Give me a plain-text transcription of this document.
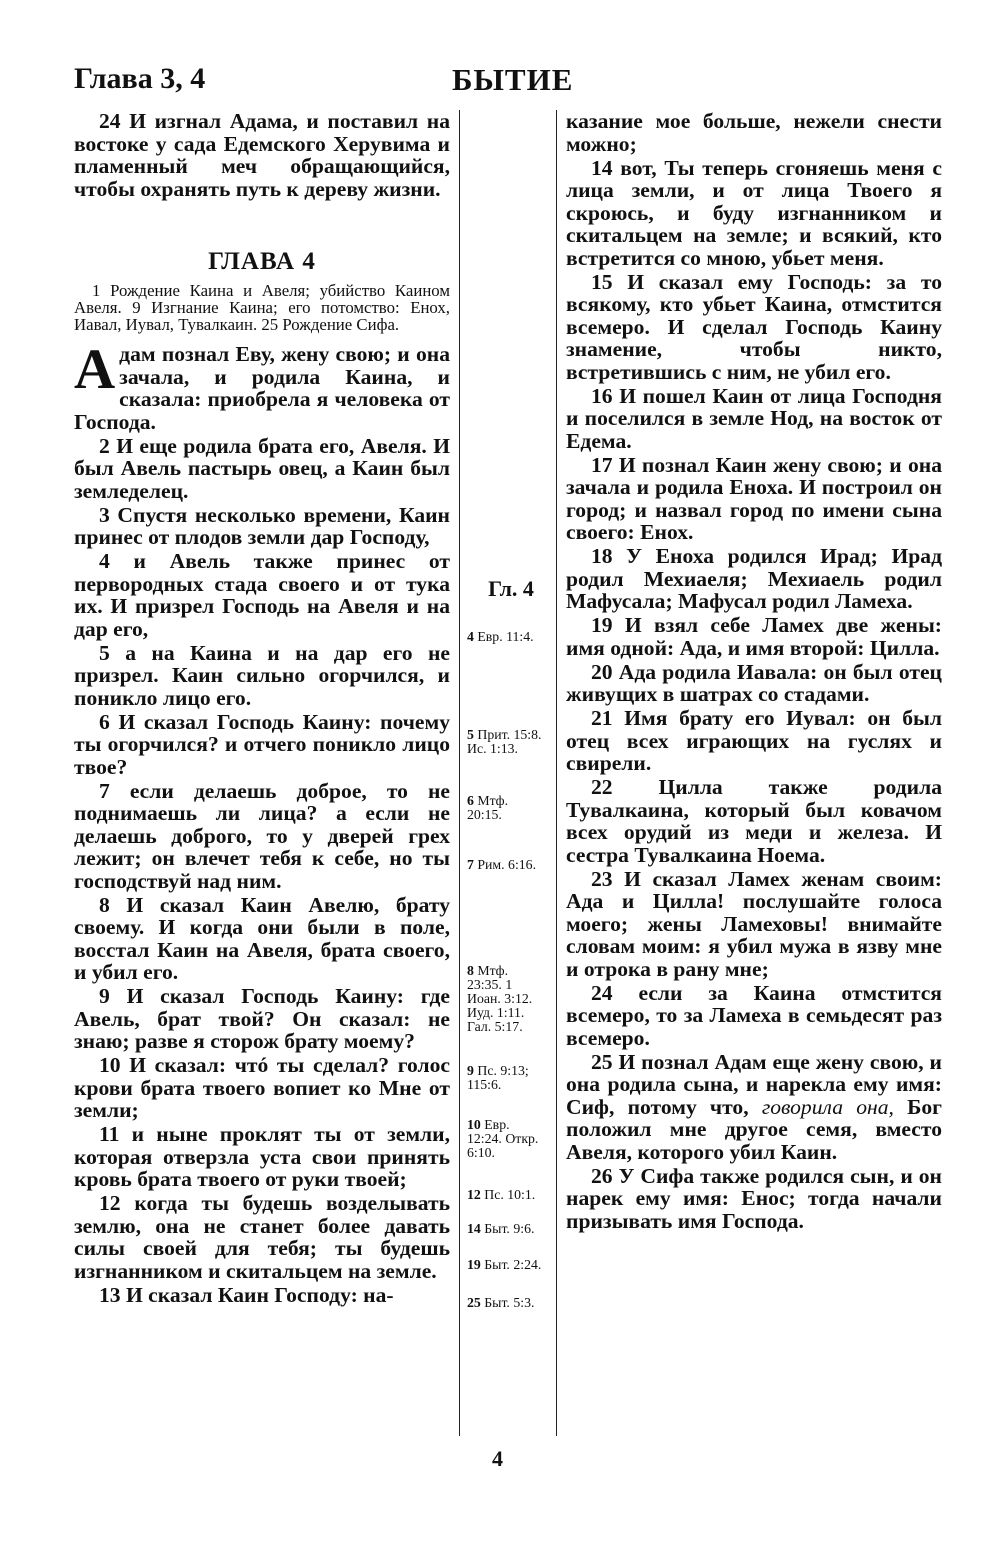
Глава 3, 4	БЫТИЕ

24 И изгнал Адама, и поставил на востоке у сада Едемского Херувима и пламенный меч обращающийся, чтобы охранять путь к дереву жизни.

ГЛАВА 4

1 Рождение Каина и Авеля; убийство Каином Авеля. 9 Изгнание Каина; его потомство: Енох, Иавал, Иувал, Тувалкаин. 25 Рождение Сифа.

Адам познал Еву, жену свою; и она зачала, и родила Каина, и сказала: приобрела я человека от Господа.

2 И еще родила брата его, Авеля. И был Авель пастырь овец, а Каин был земледелец.

3 Спустя несколько времени, Каин принес от плодов земли дар Господу,

4 и Авель также принес от первородных стада своего и от тука их. И призрел Господь на Авеля и на дар его,

5 а на Каина и на дар его не призрел. Каин сильно огорчился, и поникло лицо его.

6 И сказал Господь Каину: почему ты огорчился? и отчего поникло лицо твое?

7 если делаешь доброе, то не поднимаешь ли лица? а если не делаешь доброго, то у дверей грех лежит; он влечет тебя к себе, но ты господствуй над ним.

8 И сказал Каин Авелю, брату своему. И когда они были в поле, восстал Каин на Авеля, брата своего, и убил его.

9 И сказал Господь Каину: где Авель, брат твой? Он сказал: не знаю; разве я сторож брату моему?

10 И сказал: чтó ты сделал? голос крови брата твоего вопиет ко Мне от земли;

11 и ныне проклят ты от земли, которая отверзла уста свои принять кровь брата твоего от руки твоей;

12 когда ты будешь возделывать землю, она не станет более давать силы своей для тебя; ты будешь изгнанником и скитальцем на земле.

13 И сказал Каин Господу: на-

Гл. 4
4 Евр. 11:4.
5 Прит. 15:8. Ис. 1:13.
6 Мтф. 20:15.
7 Рим. 6:16.
8 Мтф. 23:35. 1 Иоан. 3:12. Иуд. 1:11. Гал. 5:17.
9 Пс. 9:13; 115:6.
10 Евр. 12:24. Откр. 6:10.
12 Пс. 10:1.
14 Быт. 9:6.
19 Быт. 2:24.
25 Быт. 5:3.

казание мое больше, нежели снести можно;

14 вот, Ты теперь сгоняешь меня с лица земли, и от лица Твоего я скроюсь, и буду изгнанником и скитальцем на земле; и всякий, кто встретится со мною, убьет меня.

15 И сказал ему Господь: за то всякому, кто убьет Каина, отмстится всемеро. И сделал Господь Каину знамение, чтобы никто, встретившись с ним, не убил его.

16 И пошел Каин от лица Господня и поселился в земле Нод, на восток от Едема.

17 И познал Каин жену свою; и она зачала и родила Еноха. И построил он город; и назвал город по имени сына своего: Енох.

18 У Еноха родился Ирад; Ирад родил Мехиаеля; Мехиаель родил Мафусала; Мафусал родил Ламеха.

19 И взял себе Ламех две жены: имя одной: Ада, и имя второй: Цилла.

20 Ада родила Иавала: он был отец живущих в шатрах со стадами.

21 Имя брату его Иувал: он был отец всех играющих на гуслях и свирели.

22 Цилла также родила Тувалкаина, который был ковачом всех орудий из меди и железа. И сестра Тувалкаина Ноема.

23 И сказал Ламех женам своим: Ада и Цилла! послушайте голоса моего; жены Ламеховы! внимайте словам моим: я убил мужа в язву мне и отрока в рану мне;

24 если за Каина отмстится всемеро, то за Ламеха в семьдесят раз всемеро.

25 И познал Адам еще жену свою, и она родила сына, и нарекла ему имя: Сиф, потому что, говорила она, Бог положил мне другое семя, вместо Авеля, которого убил Каин.

26 У Сифа также родился сын, и он нарек ему имя: Енос; тогда начали призывать имя Господа.

4
